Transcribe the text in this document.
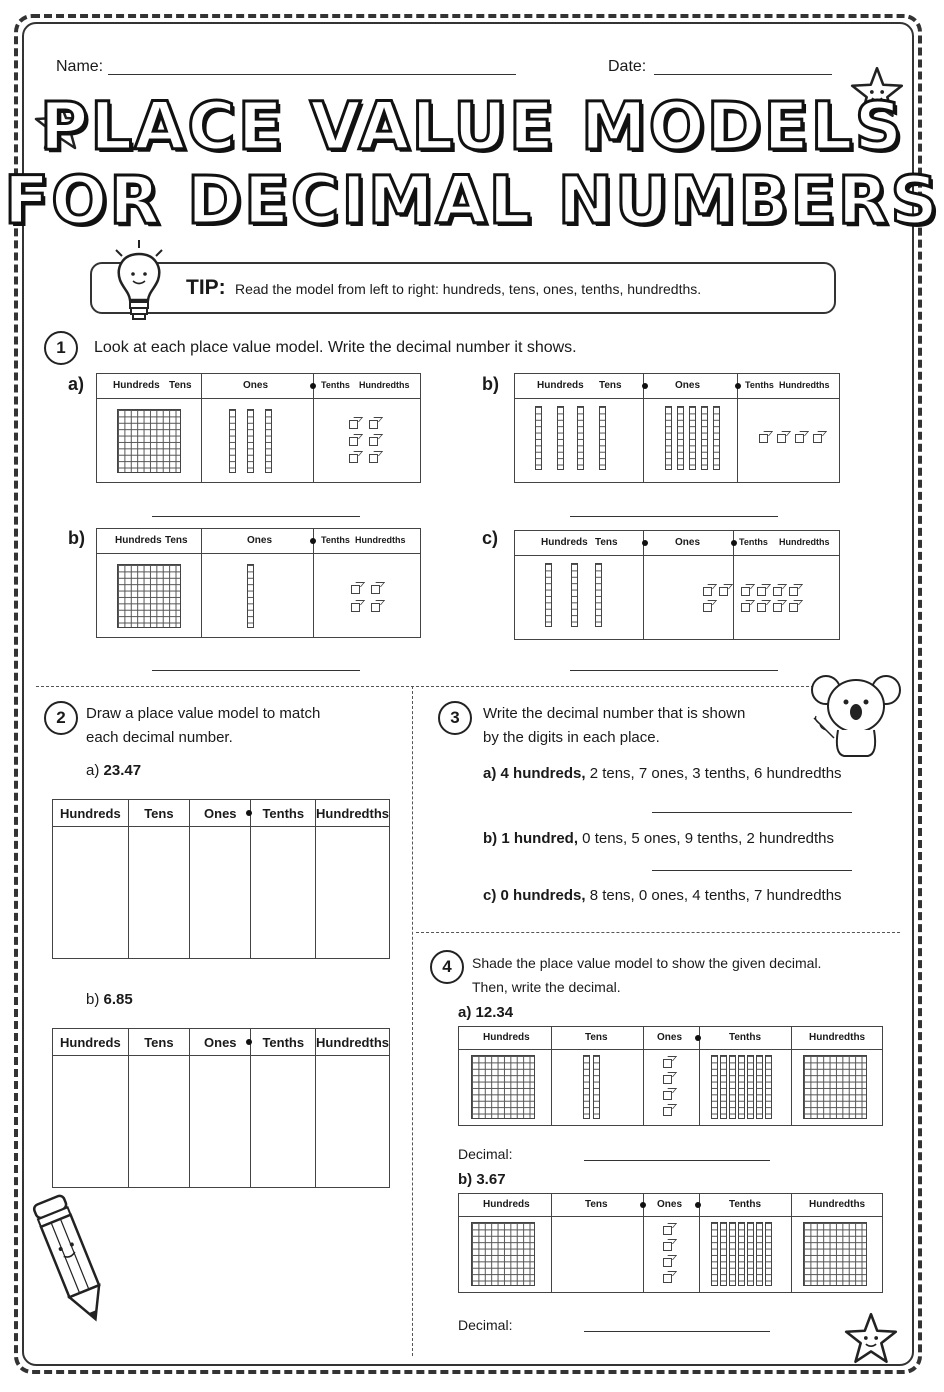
Name:	Date:
PLACE VALUE MODELS
FOR DECIMAL NUMBERS
TIP: Read the model from left to right: hundreds, tens, ones, tenths, hundredths.
1	Look at each place value model. Write the decimal number it shows.
a)	Hundreds Tens	Ones	Tenths Hundredths	b)	Hundreds Tens	Ones	Tenths Hundredths
b)	Hundreds Tens	Ones	Tenths Hundredths	c)	Hundreds Tens	Ones	Tenths Hundredths
2	Draw a place value model to match
each decimal number.
a) 23.47
Hundreds	Tens	Ones	Tenths	Hundredths

b) 6.85
Hundreds	Tens	Ones	Tenths	Hundredths

3	Write the decimal number that is shown
by the digits in each place.
a) 4 hundreds, 2 tens, 7 ones, 3 tenths, 6 hundredths
b) 1 hundred, 0 tens, 5 ones, 9 tenths, 2 hundredths
c) 0 hundreds, 8 tens, 0 ones, 4 tenths, 7 hundredths
4	Shade the place value model to show the given decimal.
Then, write the decimal.
a) 12.34
Hundreds	Tens	Ones	Tenths	Hundredths
Decimal:
b) 3.67
Hundreds	Tens	Ones	Tenths	Hundredths
Decimal:
